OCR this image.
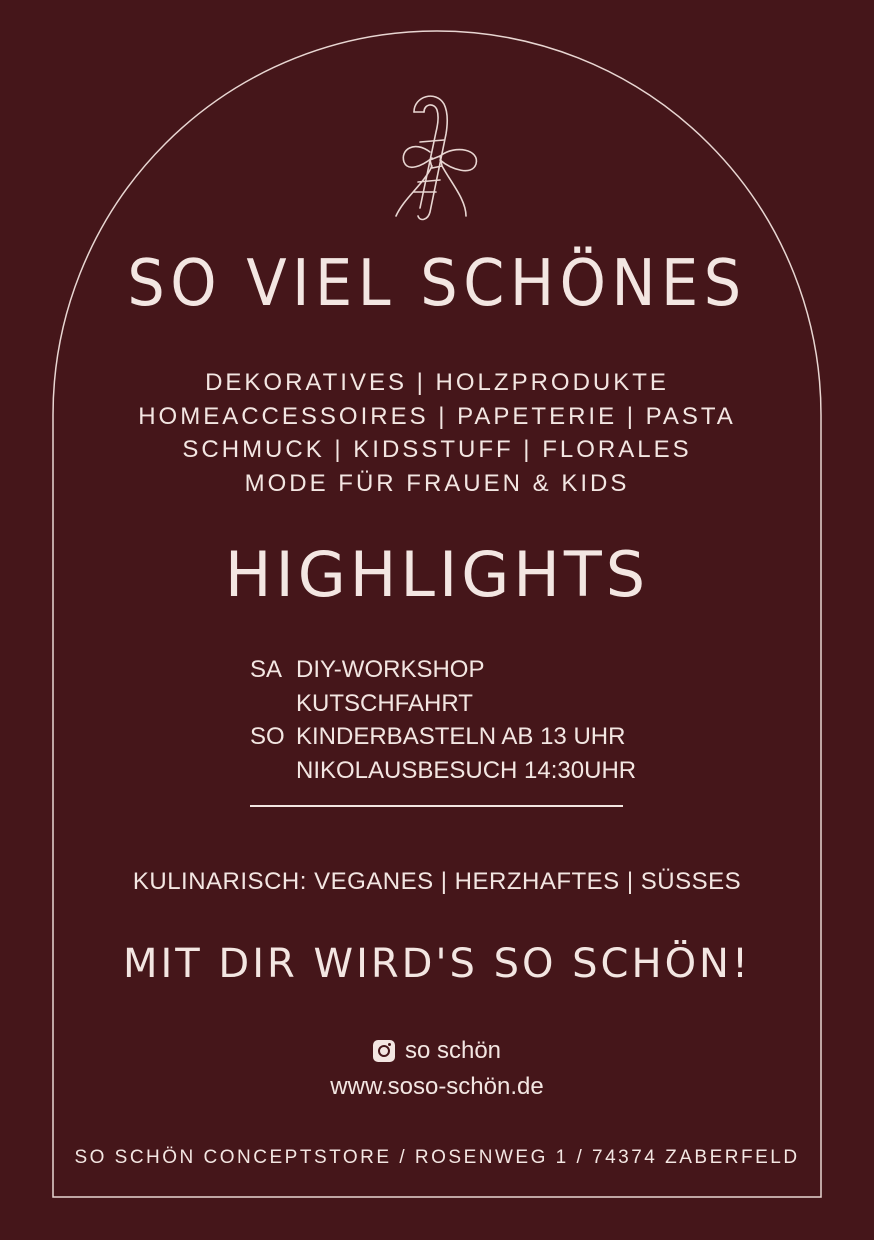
SO VIEL SCHÖNES
DEKORATIVES | HOLZPRODUKTE
HOMEACCESSOIRES | PAPETERIE | PASTA
SCHMUCK | KIDSSTUFF | FLORALES
MODE FÜR FRAUEN & KIDS
HIGHLIGHTS
SA DIY-WORKSHOP
KUTSCHFAHRT
SO KINDERBASTELN AB 13 UHR
NIKOLAUSBESUCH 14:30UHR
KULINARISCH: VEGANES | HERZHAFTES | SÜSSES
MIT DIR WIRD'S SO SCHÖN!
so schön
www.soso-schön.de
SO SCHÖN CONCEPTSTORE / ROSENWEG 1 / 74374 ZABERFELD
